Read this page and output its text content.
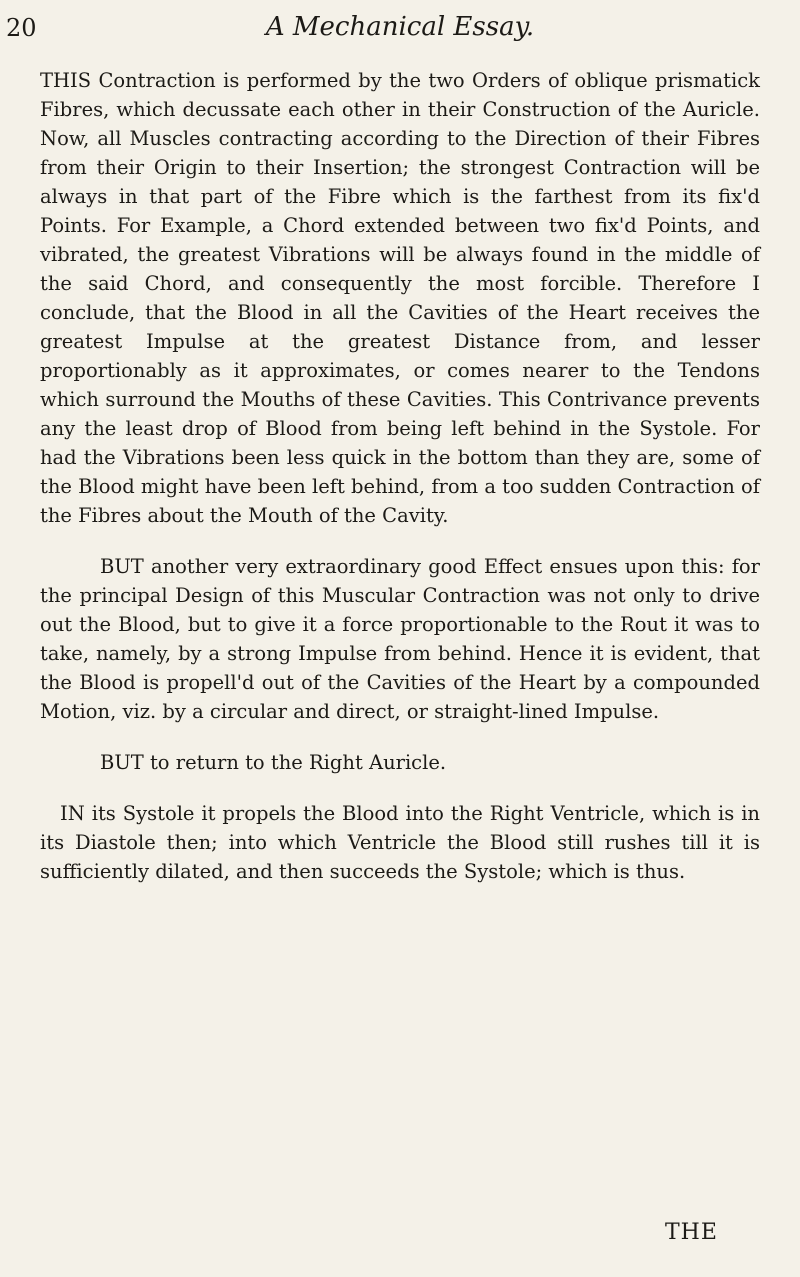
20	A Mechanical Essay.

THIS Contraction is performed by the two Orders of oblique prismatick Fibres, which decussate each other in their Construction of the Auricle. Now, all Muscles contracting according to the Direction of their Fibres from their Origin to their Insertion; the strongest Contraction will be always in that part of the Fibre which is the farthest from its fix'd Points. For Example, a Chord extended between two fix'd Points, and vibrated, the greatest Vibrations will be always found in the middle of the said Chord, and consequently the most forcible. Therefore I conclude, that the Blood in all the Cavities of the Heart receives the greatest Impulse at the greatest Distance from, and lesser proportionably as it approximates, or comes nearer to the Tendons which surround the Mouths of these Cavities. This Contrivance prevents any the least drop of Blood from being left behind in the Systole. For had the Vibrations been less quick in the bottom than they are, some of the Blood might have been left behind, from a too sudden Contraction of the Fibres about the Mouth of the Cavity.

BUT another very extraordinary good Effect ensues upon this: for the principal Design of this Muscular Contraction was not only to drive out the Blood, but to give it a force proportionable to the Rout it was to take, namely, by a strong Impulse from behind. Hence it is evident, that the Blood is propell'd out of the Cavities of the Heart by a compounded Motion, viz. by a circular and direct, or straight-lined Impulse.

BUT to return to the Right Auricle.

IN its Systole it propels the Blood into the Right Ventricle, which is in its Diastole then; into which Ventricle the Blood still rushes till it is sufficiently dilated, and then succeeds the Systole; which is thus.

THE
